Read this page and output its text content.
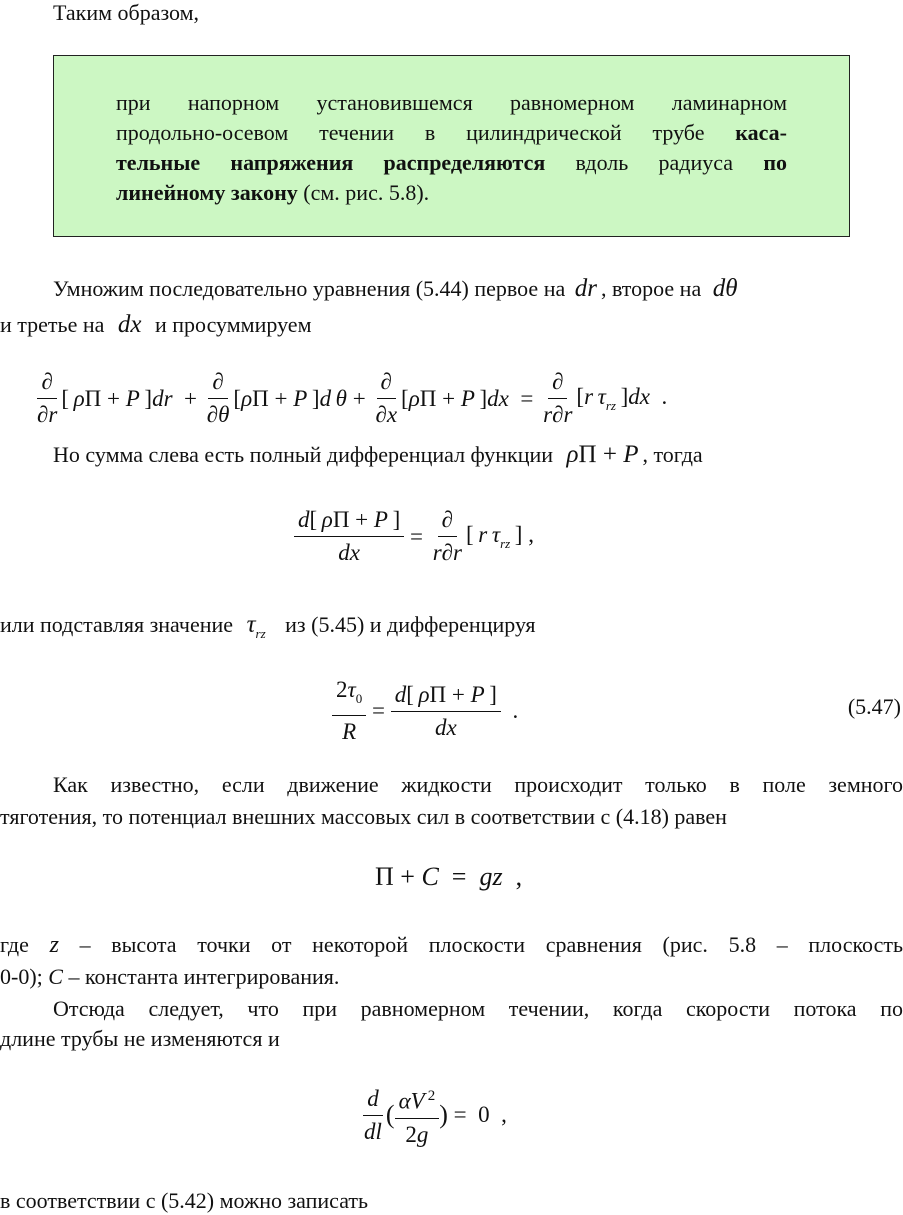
Таким образом,
при напорном установившемся равномерном ламинарном
продольно-осевом течении в цилиндрической трубе каса-
тельные напряжения распределяются вдоль радиуса по
линейному закону (см. рис. 5.8).
Умножим последовательно уравнения (5.44) первое на dr , второе на dθ
и третье на dx и просуммируем
$\frac{\partial}{\partial r}$ [ ρΠ + P ]$dr + \frac{\partial}{\partial\theta} [\rho\Pi + P$ ]d $\theta + \frac{\partial}{\partial x} [\rho\Pi + P$ ]$dx = \frac{\partial}{r\partial r} [r$ $\tau_{rz}$ ]dx  .
Но сумма слева есть полный дифференциал функции ρΠ + P , тогда
$\frac{d[ \rho\Pi + P ]}{dx} = \frac{\partial}{r\partial r}$ [ r $\tau_{rz}$ ] ,
или подставляя значение $\tau_{rz}$ из (5.45) и дифференцируя
$\frac{2\tau_0}{R} = \frac{d[ \rho\Pi + P ]}{dx}$ .	(5.47)
Как известно, если движение жидкости происходит только в поле земного
тяготения, то потенциал внешних массовых сил в соответствии с (4.18) равен
Π + C  =  gz  ,
где z – высота точки от некоторой плоскости сравнения (рис. 5.8 – плоскость
0-0); C – константа интегрирования.
Отсюда следует, что при равномерном течении, когда скорости потока по
длине трубы не изменяются и
$\frac{d}{dl}$ ( $\frac{\alpha V ^2}{2g}$ ) =  0  ,
в соответствии с (5.42) можно записать
